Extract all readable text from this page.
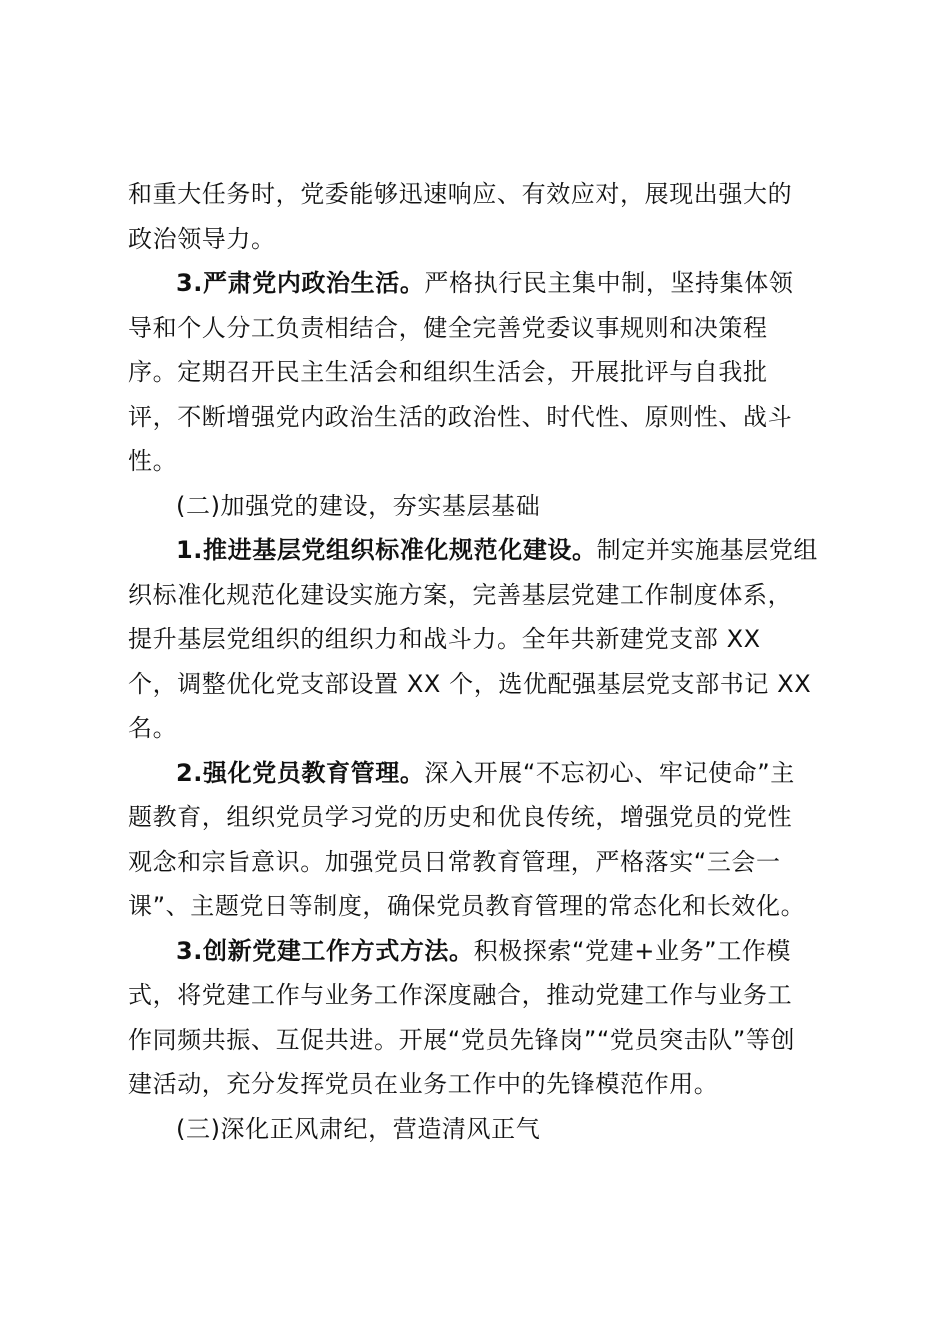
和重大任务时，党委能够迅速响应、有效应对，展现出强大的
政治领导力。

3.严肃党内政治生活。严格执行民主集中制，坚持集体领
导和个人分工负责相结合，健全完善党委议事规则和决策程
序。定期召开民主生活会和组织生活会，开展批评与自我批
评，不断增强党内政治生活的政治性、时代性、原则性、战斗
性。

(二)加强党的建设，夯实基层基础

1.推进基层党组织标准化规范化建设。制定并实施基层党组
织标准化规范化建设实施方案，完善基层党建工作制度体系，
提升基层党组织的组织力和战斗力。全年共新建党支部 XX
个，调整优化党支部设置 XX 个，选优配强基层党支部书记 XX
名。

2.强化党员教育管理。深入开展“不忘初心、牢记使命”主
题教育，组织党员学习党的历史和优良传统，增强党员的党性
观念和宗旨意识。加强党员日常教育管理，严格落实“三会一
课”、主题党日等制度，确保党员教育管理的常态化和长效化。

3.创新党建工作方式方法。积极探索“党建+业务”工作模
式，将党建工作与业务工作深度融合，推动党建工作与业务工
作同频共振、互促共进。开展“党员先锋岗”“党员突击队”等创
建活动，充分发挥党员在业务工作中的先锋模范作用。

(三)深化正风肃纪，营造清风正气
